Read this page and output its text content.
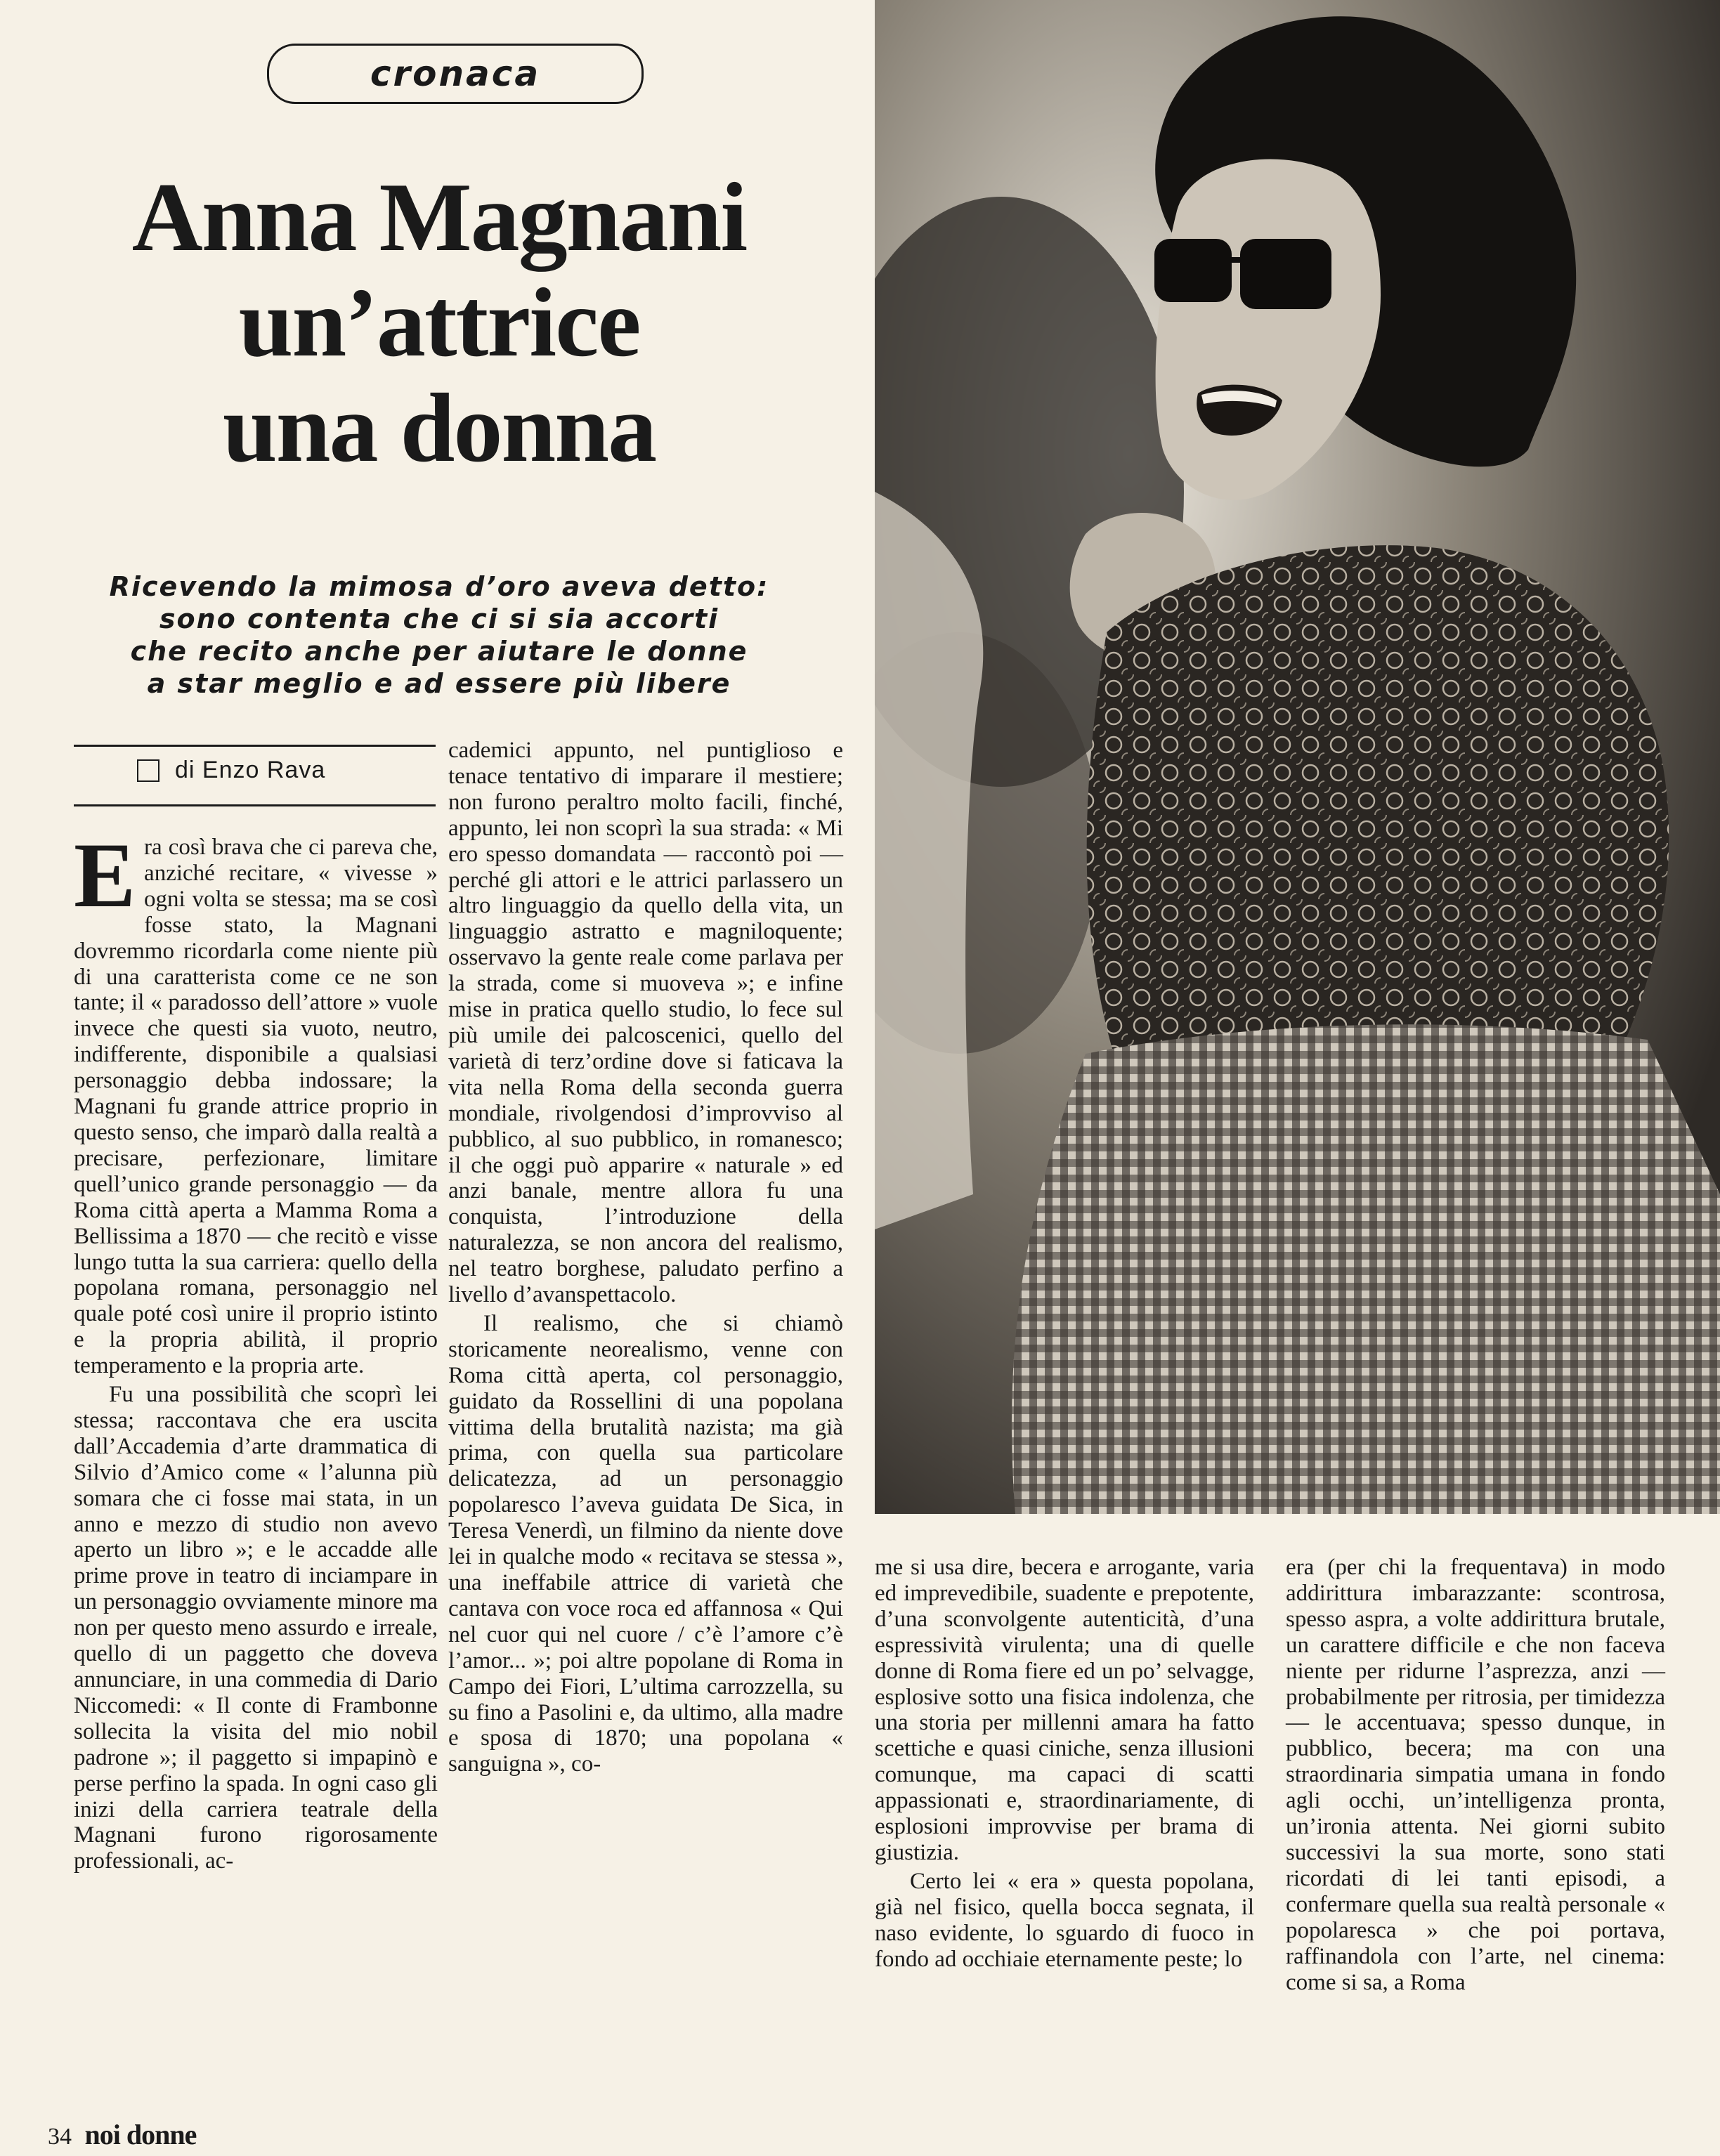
cronaca
Anna Magnani
un’attrice
una donna
Ricevendo la mimosa d’oro aveva detto:
sono contenta che ci si sia accorti
che recito anche per aiutare le donne
a star meglio e ad essere più libere
di Enzo Rava

Era così brava che ci pareva che, anziché recitare, « vivesse » ogni volta se stessa; ma se così fosse stato, la Magnani dovremmo ricordarla come niente più di una caratterista come ce ne son tante; il « paradosso dell’attore » vuole invece che questi sia vuoto, neutro, indifferente, disponibile a qualsiasi personaggio debba indossare; la Magnani fu grande attrice proprio in questo senso, che imparò dalla realtà a precisare, perfezionare, limitare quell’unico grande personaggio — da Roma città aperta a Mamma Roma a Bellissima a 1870 — che recitò e visse lungo tutta la sua carriera: quello della popolana romana, personaggio nel quale poté così unire il proprio istinto e la propria abilità, il proprio temperamento e la propria arte.

Fu una possibilità che scoprì lei stessa; raccontava che era uscita dall’Accademia d’arte drammatica di Silvio d’Amico come « l’alunna più somara che ci fosse mai stata, in un anno e mezzo di studio non avevo aperto un libro »; e le accadde alle prime prove in teatro di inciampare in un personaggio ovviamente minore ma non per questo meno assurdo e irreale, quello di un paggetto che doveva annunciare, in una commedia di Dario Niccomedi: « Il conte di Frambonne sollecita la visita del mio nobil padrone »; il paggetto si impapinò e perse perfino la spada. In ogni caso gli inizi della carriera teatrale della Magnani furono rigorosamente professionali, ac-

cademici appunto, nel puntiglioso e tenace tentativo di imparare il mestiere; non furono peraltro molto facili, finché, appunto, lei non scoprì la sua strada: « Mi ero spesso domandata — raccontò poi — perché gli attori e le attrici parlassero un altro linguaggio da quello della vita, un linguaggio astratto e magniloquente; osservavo la gente reale come parlava per la strada, come si muoveva »; e infine mise in pratica quello studio, lo fece sul più umile dei palcoscenici, quello del varietà di terz’ordine dove si faticava la vita nella Roma della seconda guerra mondiale, rivolgendosi d’improvviso al pubblico, al suo pubblico, in romanesco; il che oggi può apparire « naturale » ed anzi banale, mentre allora fu una conquista, l’introduzione della naturalezza, se non ancora del realismo, nel teatro borghese, paludato perfino a livello d’avanspettacolo.

Il realismo, che si chiamò storicamente neorealismo, venne con Roma città aperta, col personaggio, guidato da Rossellini di una popolana vittima della brutalità nazista; ma già prima, con quella sua particolare delicatezza, ad un personaggio popolaresco l’aveva guidata De Sica, in Teresa Venerdì, un filmino da niente dove lei in qualche modo « recitava se stessa », una ineffabile attrice di varietà che cantava con voce roca ed affannosa « Qui nel cuor qui nel cuore / c’è l’amore c’è l’amor... »; poi altre popolane di Roma in Campo dei Fiori, L’ultima carrozzella, su su fino a Pasolini e, da ultimo, alla madre e sposa di 1870; una popolana « sanguigna », co-

me si usa dire, becera e arrogante, varia ed imprevedibile, suadente e prepotente, d’una sconvolgente autenticità, d’una espressività virulenta; una di quelle donne di Roma fiere ed un po’ selvagge, esplosive sotto una fisica indolenza, che una storia per millenni amara ha fatto scettiche e quasi ciniche, senza illusioni comunque, ma capaci di scatti appassionati e, straordinariamente, di esplosioni improvvise per brama di giustizia.

Certo lei « era » questa popolana, già nel fisico, quella bocca segnata, il naso evidente, lo sguardo di fuoco in fondo ad occhiaie eternamente peste; lo

era (per chi la frequentava) in modo addirittura imbarazzante: scontrosa, spesso aspra, a volte addirittura brutale, un carattere difficile e che non faceva niente per ridurne l’asprezza, anzi — probabilmente per ritrosia, per timidezza — le accentuava; spesso dunque, in pubblico, becera; ma con una straordinaria simpatia umana in fondo agli occhi, un’intelligenza pronta, un’ironia attenta. Nei giorni subito successivi la sua morte, sono stati ricordati di lei tanti episodi, a confermare quella sua realtà personale « popolaresca » che poi portava, raffinandola con l’arte, nel cinema: come si sa, a Roma

34 noi donne
